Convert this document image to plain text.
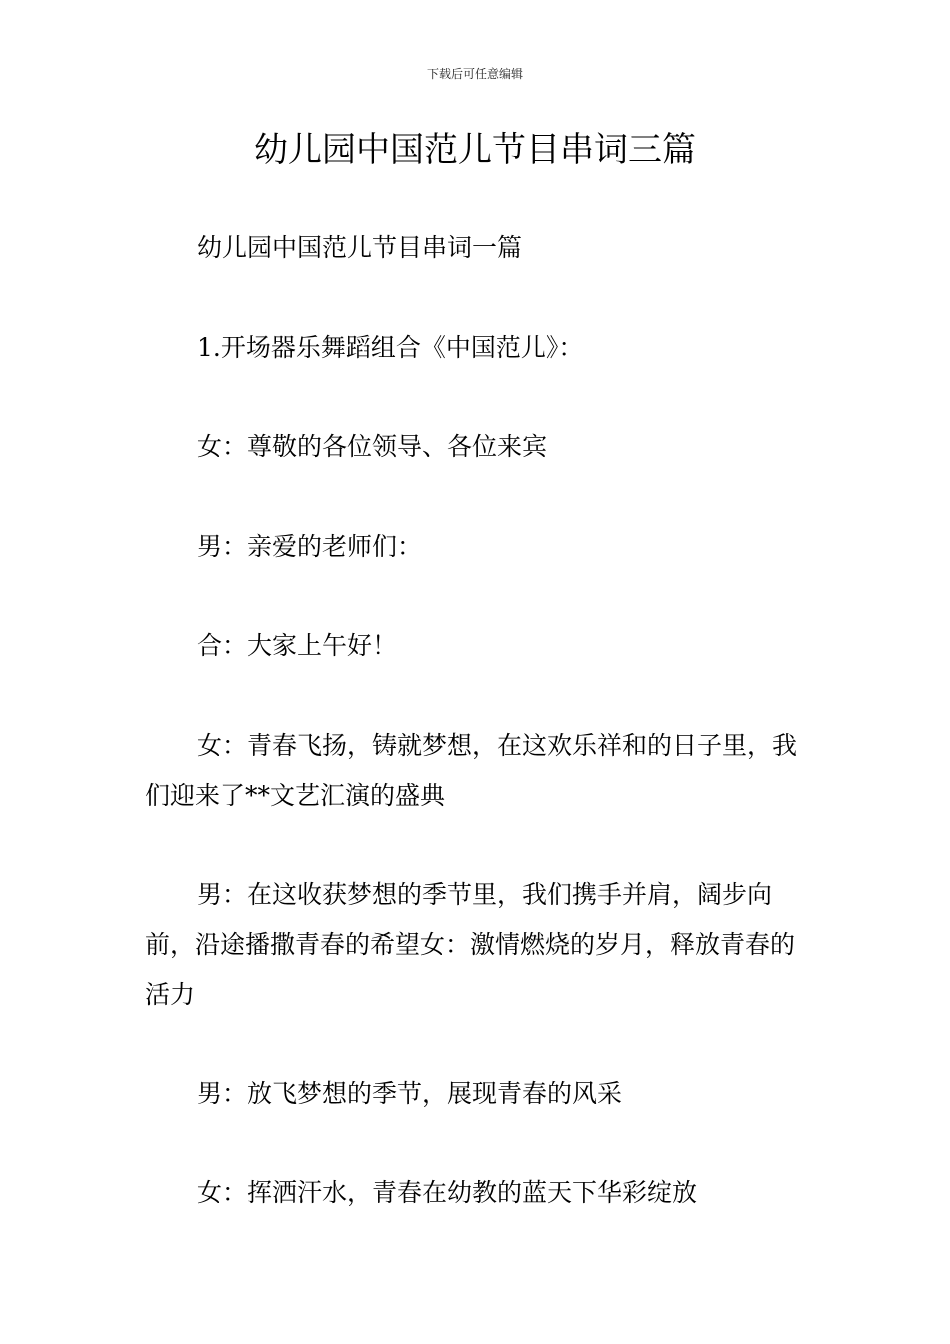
下载后可任意编辑
幼儿园中国范儿节目串词三篇

幼儿园中国范儿节目串词一篇

1.开场器乐舞蹈组合《中国范儿》：

女：尊敬的各位领导、各位来宾

男：亲爱的老师们：

合：大家上午好！

女：青春飞扬，铸就梦想，在这欢乐祥和的日子里，我们迎来了**文艺汇演的盛典

男：在这收获梦想的季节里，我们携手并肩，阔步向前，沿途播撒青春的希望女：激情燃烧的岁月，释放青春的活力

男：放飞梦想的季节，展现青春的风采

女：挥洒汗水，青春在幼教的蓝天下华彩绽放
